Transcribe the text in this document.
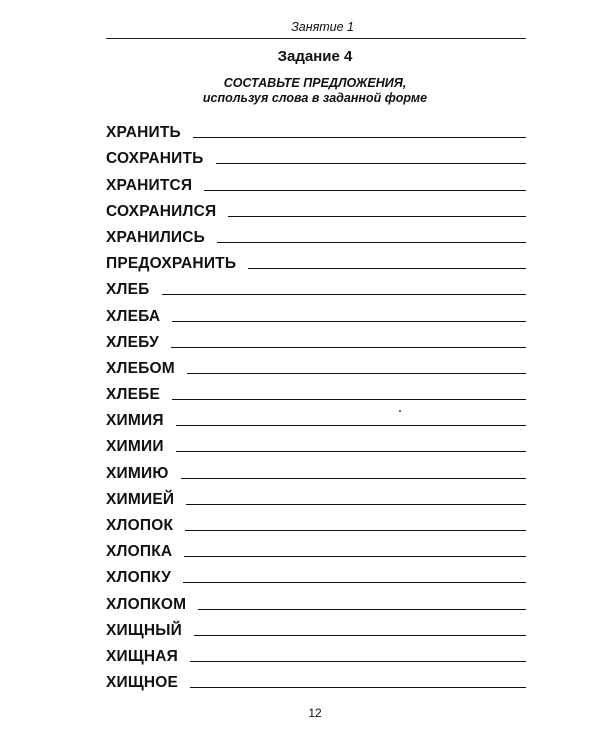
Занятие 1
Задание 4
СОСТАВЬТЕ ПРЕДЛОЖЕНИЯ,
используя слова в заданной форме
ХРАНИТЬ
СОХРАНИТЬ
ХРАНИТСЯ
СОХРАНИЛСЯ
ХРАНИЛИСЬ
ПРЕДОХРАНИТЬ
ХЛЕБ
ХЛЕБА
ХЛЕБУ
ХЛЕБОМ
ХЛЕБЕ
ХИМИЯ
ХИМИИ
ХИМИЮ
ХИМИЕЙ
ХЛОПОК
ХЛОПКА
ХЛОПКУ
ХЛОПКОМ
ХИЩНЫЙ
ХИЩНАЯ
ХИЩНОЕ
12
